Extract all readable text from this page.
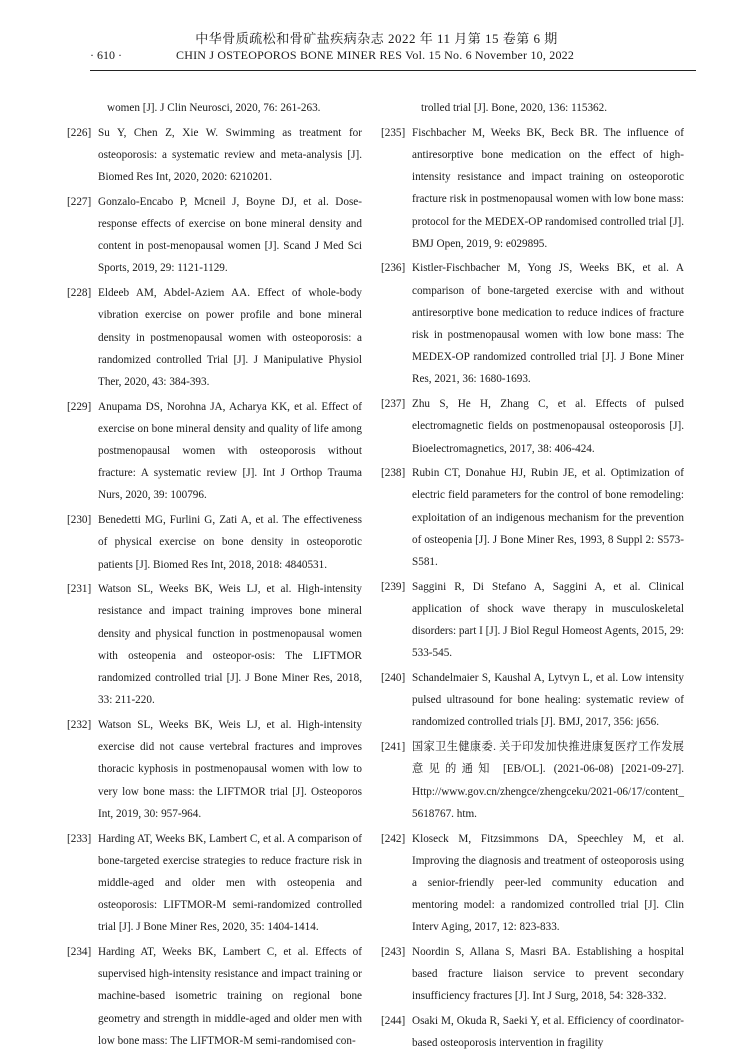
中华骨质疏松和骨矿盐疾病杂志 2022 年 11 月第 15 卷第 6 期
· 610 ·	CHIN J OSTEOPOROS BONE MINER RES Vol. 15 No. 6 November 10, 2022
women [J]. J Clin Neurosci, 2020, 76: 261-263.
[226] Su Y, Chen Z, Xie W. Swimming as treatment for osteoporosis: a systematic review and meta-analysis [J]. Biomed Res Int, 2020, 2020: 6210201.
[227] Gonzalo-Encabo P, Mcneil J, Boyne DJ, et al. Dose-response effects of exercise on bone mineral density and content in post-menopausal women [J]. Scand J Med Sci Sports, 2019, 29: 1121-1129.
[228] Eldeeb AM, Abdel-Aziem AA. Effect of whole-body vibration exercise on power profile and bone mineral density in postmenopausal women with osteoporosis: a randomized controlled Trial [J]. J Manipulative Physiol Ther, 2020, 43: 384-393.
[229] Anupama DS, Norohna JA, Acharya KK, et al. Effect of exercise on bone mineral density and quality of life among postmenopausal women with osteoporosis without fracture: A systematic review [J]. Int J Orthop Trauma Nurs, 2020, 39: 100796.
[230] Benedetti MG, Furlini G, Zati A, et al. The effectiveness of physical exercise on bone density in osteoporotic patients [J]. Biomed Res Int, 2018, 2018: 4840531.
[231] Watson SL, Weeks BK, Weis LJ, et al. High-intensity resistance and impact training improves bone mineral density and physical function in postmenopausal women with osteopenia and osteopor-osis: The LIFTMOR randomized controlled trial [J]. J Bone Miner Res, 2018, 33: 211-220.
[232] Watson SL, Weeks BK, Weis LJ, et al. High-intensity exercise did not cause vertebral fractures and improves thoracic kyphosis in postmenopausal women with low to very low bone mass: the LIFTMOR trial [J]. Osteoporos Int, 2019, 30: 957-964.
[233] Harding AT, Weeks BK, Lambert C, et al. A comparison of bone-targeted exercise strategies to reduce fracture risk in middle-aged and older men with osteopenia and osteoporosis: LIFTMOR-M semi-randomized controlled trial [J]. J Bone Miner Res, 2020, 35: 1404-1414.
[234] Harding AT, Weeks BK, Lambert C, et al. Effects of supervised high-intensity resistance and impact training or machine-based isometric training on regional bone geometry and strength in middle-aged and older men with low bone mass: The LIFTMOR-M semi-randomised con-
trolled trial [J]. Bone, 2020, 136: 115362.
[235] Fischbacher M, Weeks BK, Beck BR. The influence of antiresorptive bone medication on the effect of high-intensity resistance and impact training on osteoporotic fracture risk in postmenopausal women with low bone mass: protocol for the MEDEX-OP randomised controlled trial [J]. BMJ Open, 2019, 9: e029895.
[236] Kistler-Fischbacher M, Yong JS, Weeks BK, et al. A comparison of bone-targeted exercise with and without antiresorptive bone medication to reduce indices of fracture risk in postmenopausal women with low bone mass: The MEDEX-OP randomized controlled trial [J]. J Bone Miner Res, 2021, 36: 1680-1693.
[237] Zhu S, He H, Zhang C, et al. Effects of pulsed electromagnetic fields on postmenopausal osteoporosis [J]. Bioelectromagnetics, 2017, 38: 406-424.
[238] Rubin CT, Donahue HJ, Rubin JE, et al. Optimization of electric field parameters for the control of bone remodeling: exploitation of an indigenous mechanism for the prevention of osteopenia [J]. J Bone Miner Res, 1993, 8 Suppl 2: S573-S581.
[239] Saggini R, Di Stefano A, Saggini A, et al. Clinical application of shock wave therapy in musculoskeletal disorders: part I [J]. J Biol Regul Homeost Agents, 2015, 29: 533-545.
[240] Schandelmaier S, Kaushal A, Lytvyn L, et al. Low intensity pulsed ultrasound for bone healing: systematic review of randomized controlled trials [J]. BMJ, 2017, 356: j656.
[241] 国家卫生健康委. 关于印发加快推进康复医疗工作发展意见的通知 [EB/OL]. (2021-06-08) [2021-09-27]. Http://www.gov.cn/zhengce/zhengceku/2021-06/17/content_ 5618767. htm.
[242] Kloseck M, Fitzsimmons DA, Speechley M, et al. Improving the diagnosis and treatment of osteoporosis using a senior-friendly peer-led community education and mentoring model: a randomized controlled trial [J]. Clin Interv Aging, 2017, 12: 823-833.
[243] Noordin S, Allana S, Masri BA. Establishing a hospital based fracture liaison service to prevent secondary insufficiency fractures [J]. Int J Surg, 2018, 54: 328-332.
[244] Osaki M, Okuda R, Saeki Y, et al. Efficiency of coordinator-based osteoporosis intervention in fragility
